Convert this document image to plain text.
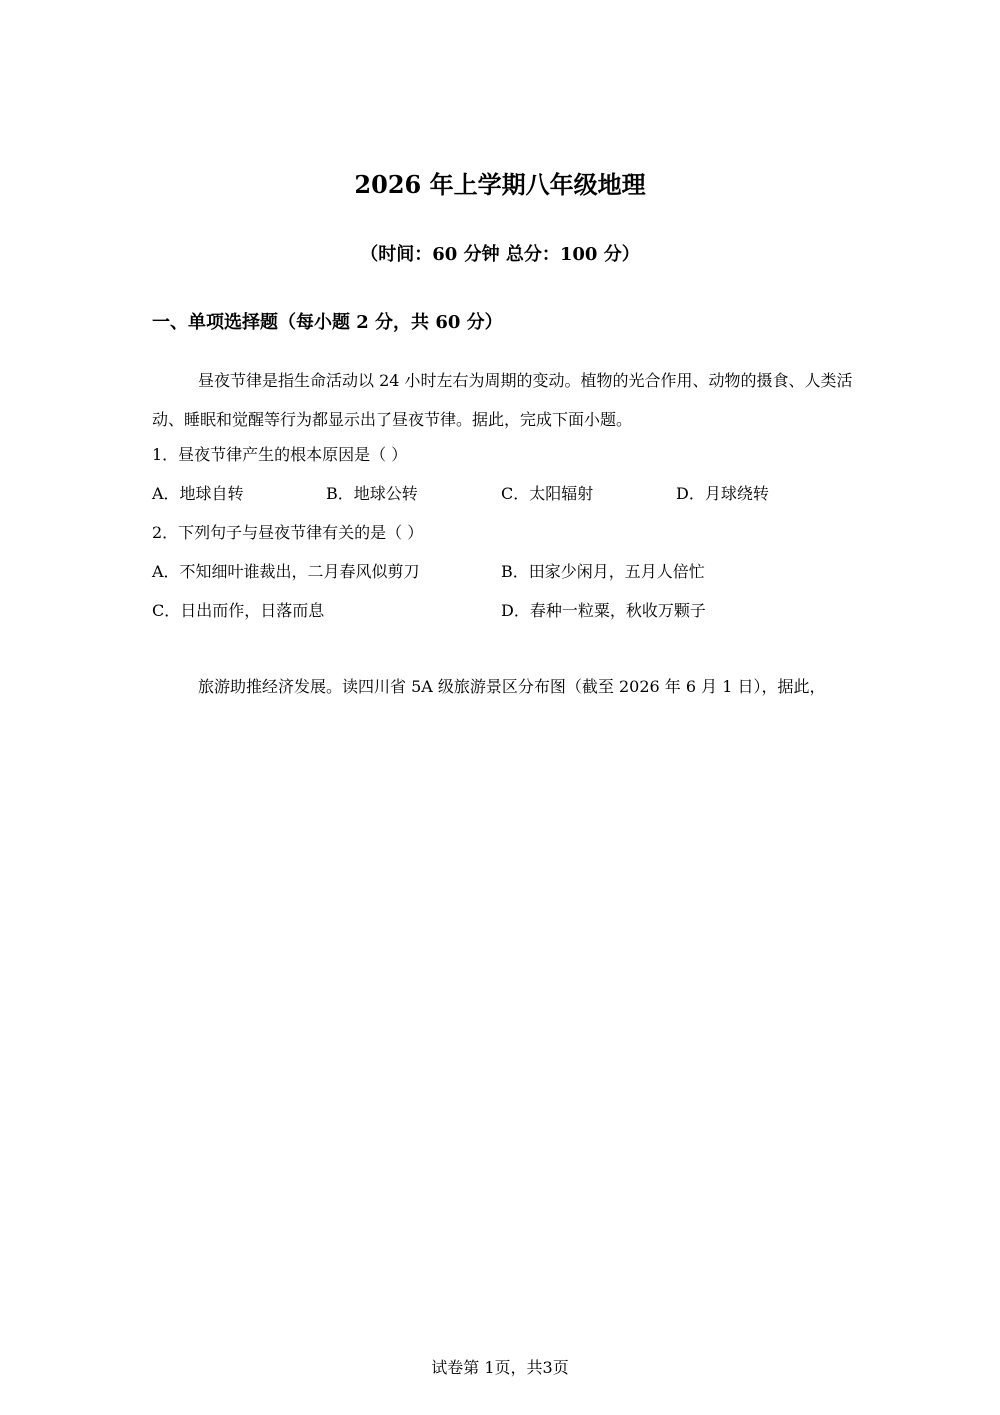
2026 年上学期八年级地理
（时间：60 分钟 总分：100 分）
一、单项选择题（每小题 2 分，共 60 分）
昼夜节律是指生命活动以 24 小时左右为周期的变动。植物的光合作用、动物的摄食、人类活动、睡眠和觉醒等行为都显示出了昼夜节律。据此，完成下面小题。
1．昼夜节律产生的根本原因是（ ）
A．地球自转	B．地球公转	C．太阳辐射	D．月球绕转
2．下列句子与昼夜节律有关的是（ ）
A．不知细叶谁裁出，二月春风似剪刀	B．田家少闲月，五月人倍忙
C．日出而作，日落而息	D．春种一粒粟，秋收万颗子
旅游助推经济发展。读四川省 5A 级旅游景区分布图（截至 2026 年 6 月 1 日），据此，
试卷第 1页，共3页
